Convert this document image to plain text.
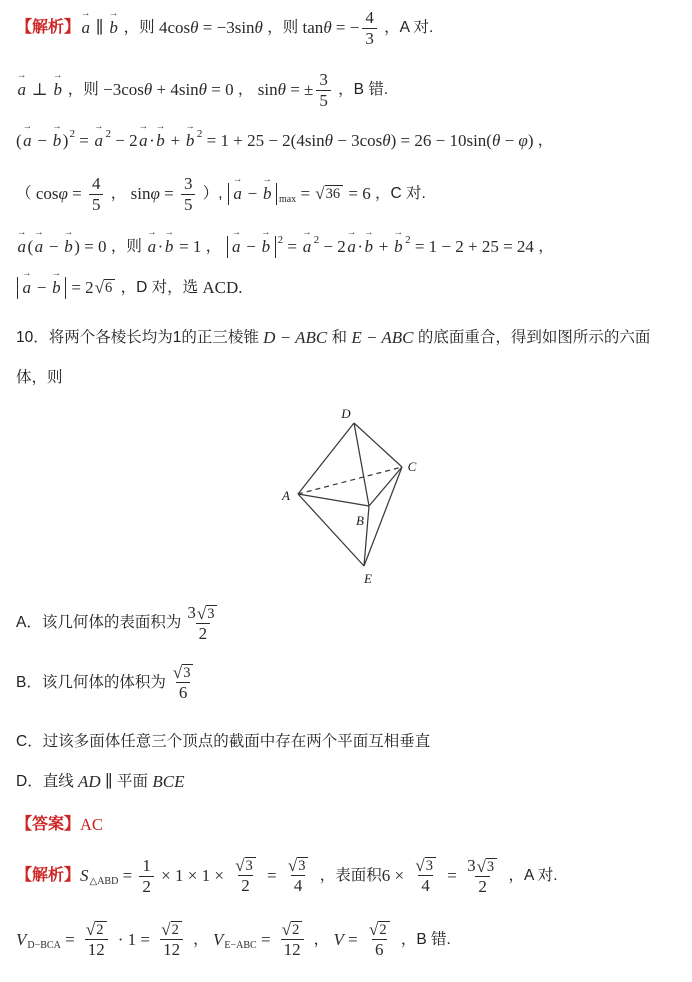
【解析】
→
a ∥
→
b ，则 4cos θ = −3sin θ ，则 tan θ = − $\frac{4}{3}$ ，A 对.
→
a ⊥
→
b ，则 −3cos θ + 4sin θ = 0 ， sin θ = ± $\frac{3}{5}$ ，B 错.
(
→
a −
→
b ) 2 =
→
a 2 − 2
→
a ·
→
b +
→
b 2 = 1 + 25 − 2(4sin θ − 3cos θ ) = 26 − 10sin( θ − φ ) ，
（ $\cos \varphi = \frac{4}{5}$ ， $\sin \varphi = \frac{3}{5}$ ）,
→
a −
→
b max = √ 36 = 6 ，C 对.
→
a (
→
a −
→
b ) = 0 ，则
→
a ·
→
b = 1 ，
→
a −
→
b 2 =
→
a 2 − 2
→
a ·
→
b +
→
b 2 = 1 − 2 + 25 = 24 ，
→
a −
→
b = 2 √ 6 ，D 对，选 ACD.
10．将两个各棱长均为1的正三棱锥 D − ABC 和 E − ABC 的底面重合，得到如图所示的六面
体，则
D
C
A
B
E
A．该几何体的表面积为 $\frac{3 √ 3}{2}$
B．该几何体的体积为 $\frac{√ 3}{6}$
C．过该多面体任意三个顶点的截面中存在两个平面互相垂直
D．直线 AD ∥ 平面 BCE
【答案】 AC
【解析】 S △ABD = $\frac{1}{2} \times 1 \times 1 \times \frac{√ 3}{2} = \frac{√ 3}{4}$ ，表面积 $6 \times \frac{√ 3}{4} = \frac{3 √ 3}{2}$ ，A 对.
V $D-BCA = \frac{√ 2}{12} \cdot 1 = \frac{√ 2}{12}$ ， V $E-ABC = \frac{√ 2}{12}$ ， $V = \frac{√ 2}{6}$ ，B 错.
